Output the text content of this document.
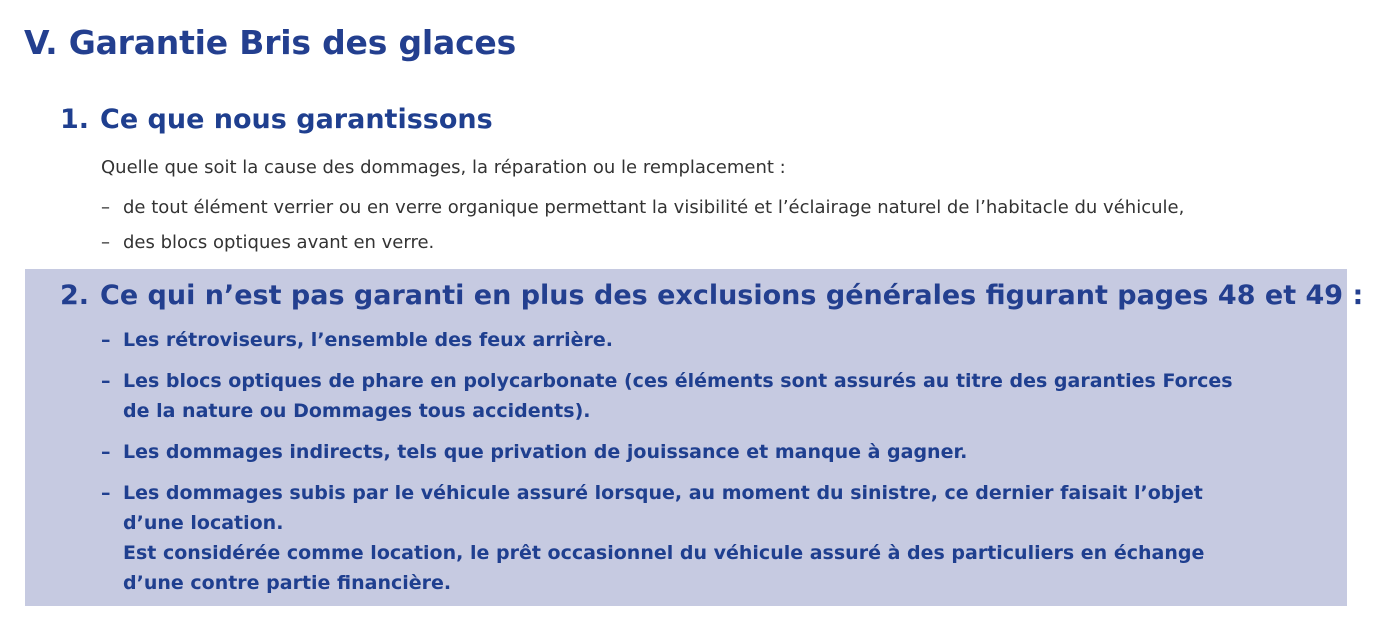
V. Garantie Bris des glaces
1. Ce que nous garantissons

Quelle que soit la cause des dommages, la réparation ou le remplacement :

– de tout élément verrier ou en verre organique permettant la visibilité et l’éclairage naturel de l’habitacle du véhicule,
– des blocs optiques avant en verre.
2. Ce qui n’est pas garanti en plus des exclusions générales figurant pages 48 et 49 :
– Les rétroviseurs, l’ensemble des feux arrière.
– Les blocs optiques de phare en polycarbonate (ces éléments sont assurés au titre des garanties Forces
de la nature ou Dommages tous accidents).
– Les dommages indirects, tels que privation de jouissance et manque à gagner.
– Les dommages subis par le véhicule assuré lorsque, au moment du sinistre, ce dernier faisait l’objet
d’une location.
Est considérée comme location, le prêt occasionnel du véhicule assuré à des particuliers en échange
d’une contre partie financière.
